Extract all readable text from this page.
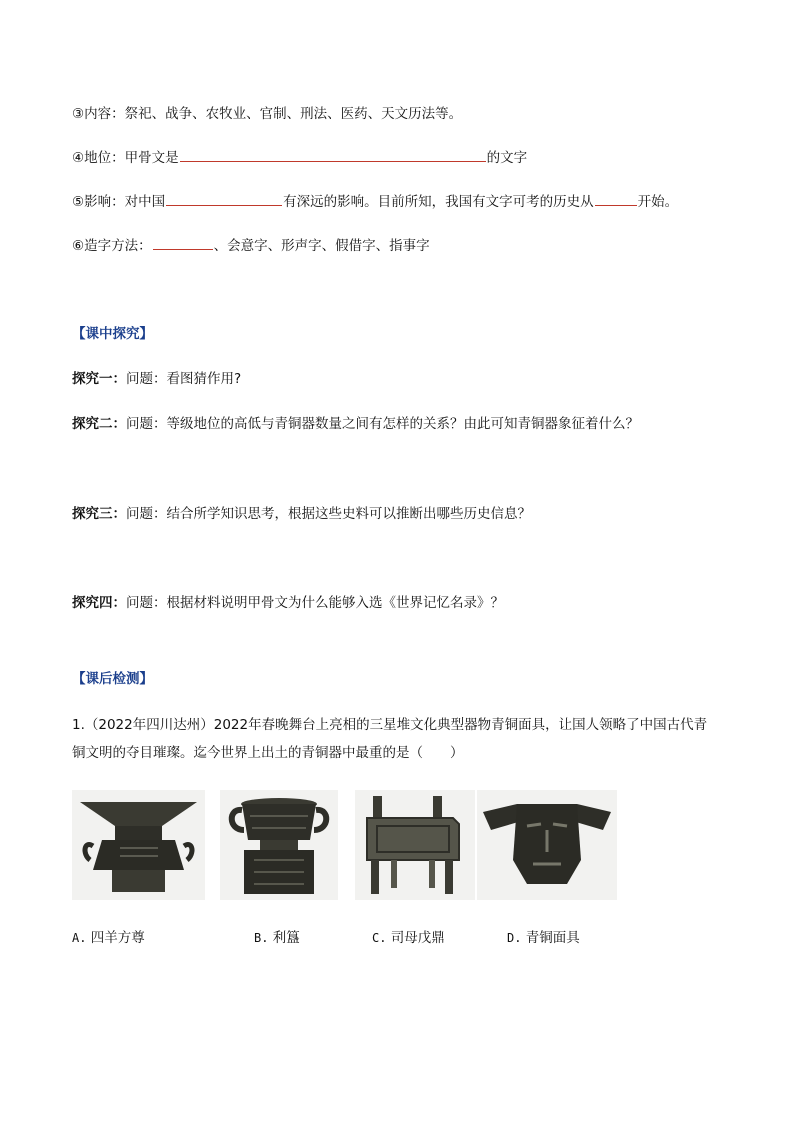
③内容：祭祀、战争、农牧业、官制、刑法、医药、天文历法等。
④地位：甲骨文是	的文字
⑤影响：对中国	有深远的影响。目前所知，我国有文字可考的历史从	开始。
⑥造字方法：	、会意字、形声字、假借字、指事字
【课中探究】
探究一：问题：看图猜作用?
探究二：问题：等级地位的高低与青铜器数量之间有怎样的关系？由此可知青铜器象征着什么？
探究三：问题：结合所学知识思考，根据这些史料可以推断出哪些历史信息？
探究四：问题：根据材料说明甲骨文为什么能够入选《世界记忆名录》？
【课后检测】
1.（2022年四川达州）2022年春晚舞台上亮相的三星堆文化典型器物青铜面具，让国人领略了中国古代青
铜文明的夺目璀璨。迄今世界上出土的青铜器中最重的是（　　）
A. 四羊方尊	B. 利簋	C. 司母戊鼎	D. 青铜面具
